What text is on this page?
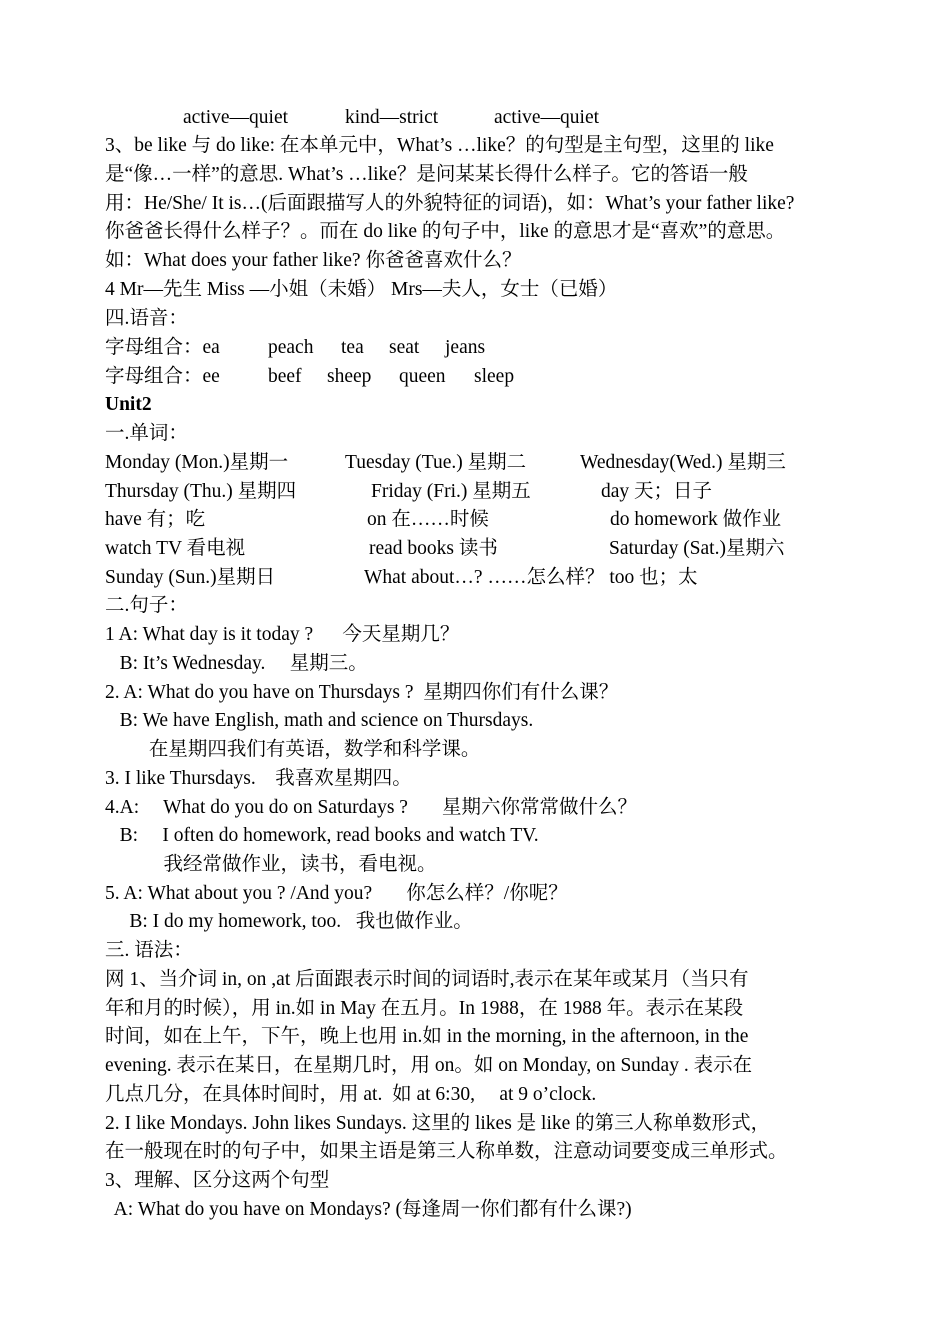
active—quiet	kind—strict	active—quiet
3、be like 与 do like: 在本单元中，What’s …like？的句型是主句型，这里的 like
是“像…一样”的意思. What’s …like？是问某某长得什么样子。它的答语一般
用：He/She/ It is…(后面跟描写人的外貌特征的词语)，如：What’s your father like?
你爸爸长得什么样子？。而在 do like 的句子中，like 的意思才是“喜欢”的意思。
如：What does your father like? 你爸爸喜欢什么？
4 Mr—先生 Miss —小姐（未婚） Mrs—夫人，女士（已婚）
四.语音：
字母组合：ea peach tea seat jeans
字母组合：ee beef sheep queen sleep
Unit2
一.单词：
Monday (Mon.)星期一	Tuesday (Tue.) 星期二	Wednesday(Wed.) 星期三
Thursday (Thu.) 星期四	Friday (Fri.) 星期五	day 天；日子
have 有；吃	on 在……时候	do homework 做作业
watch TV 看电视	read books 读书	Saturday (Sat.)星期六
Sunday (Sun.)星期日	What about…? ……怎么样？ too 也；太
二.句子：
1 A: What day is it today ?      今天星期几？
B: It’s Wednesday.     星期三。
2. A: What do you have on Thursdays ?  星期四你们有什么课？
B: We have English, math and science on Thursdays.
在星期四我们有英语，数学和科学课。
3. I like Thursdays.    我喜欢星期四。
4.A:     What do you do on Saturdays ?       星期六你常常做什么？
B:     I often do homework, read books and watch TV.
我经常做作业，读书，看电视。
5. A: What about you ? /And you?       你怎么样？/你呢？
B: I do my homework, too.   我也做作业。
三. 语法：
网 1、当介词 in, on ,at 后面跟表示时间的词语时,表示在某年或某月（当只有
年和月的时候），用 in.如 in May 在五月。In 1988，在 1988 年。表示在某段
时间，如在上午，下午，晚上也用 in.如 in the morning, in the afternoon, in the
evening. 表示在某日，在星期几时，用 on。如 on Monday, on Sunday . 表示在
几点几分，在具体时间时，用 at.  如 at 6:30,     at 9 o’clock.
2. I like Mondays. John likes Sundays. 这里的 likes 是 like 的第三人称单数形式，
在一般现在时的句子中，如果主语是第三人称单数，注意动词要变成三单形式。
3、理解、区分这两个句型
A: What do you have on Mondays? (每逢周一你们都有什么课?)
